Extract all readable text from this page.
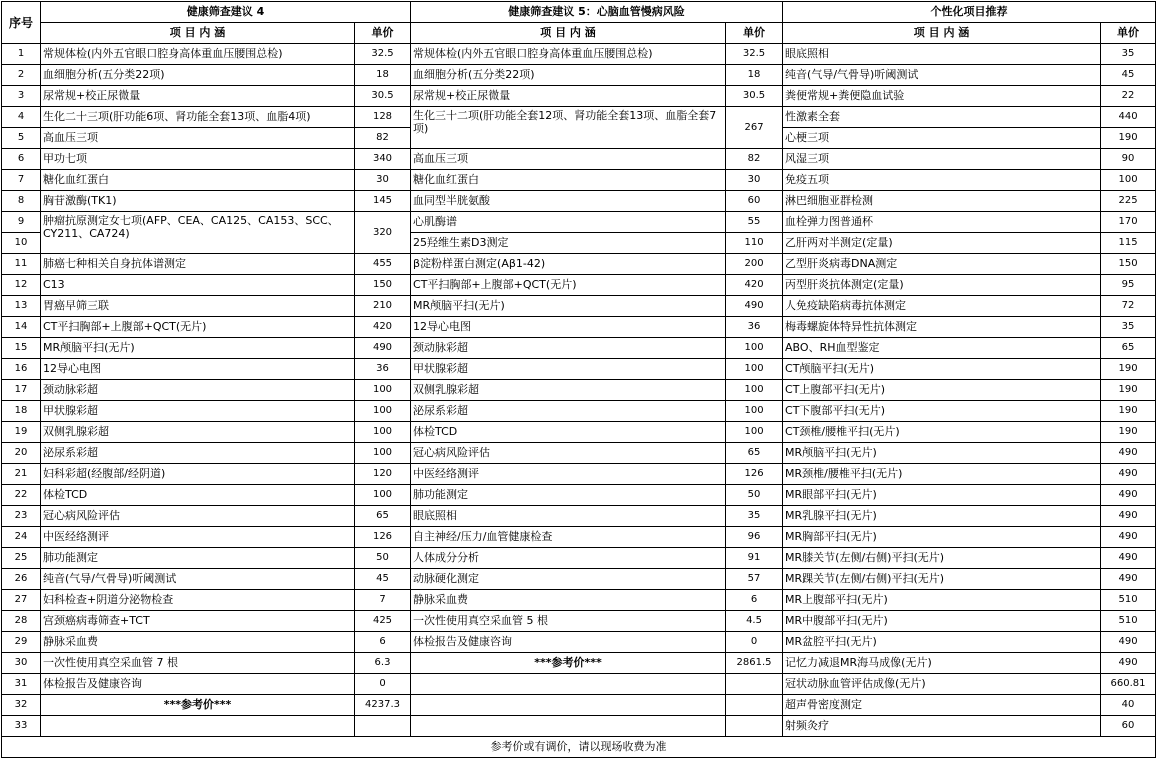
序号	健康筛查建议 4		健康筛查建议 5：心脑血管慢病风险		个性化项目推荐	
	项 目 内 涵	单价	项 目 内 涵	单价	项 目 内 涵	单价
1	常规体检(内外五官眼口腔身高体重血压腰围总检)	32.5	常规体检(内外五官眼口腔身高体重血压腰围总检)	32.5	眼底照相	35
2	血细胞分析(五分类22项)	18	血细胞分析(五分类22项)	18	纯音(气导/气骨导)听阈测试	45
3	尿常规+校正尿微量	30.5	尿常规+校正尿微量	30.5	粪便常规+粪便隐血试验	22
4	生化二十三项(肝功能6项、肾功能全套13项、血脂4项)	128	生化三十二项(肝功能全套12项、肾功能全套13项、血脂全套7项)	267	性激素全套	440
5	高血压三项	82			心梗三项	190
6	甲功七项	340	高血压三项	82	风湿三项	90
7	糖化血红蛋白	30	糖化血红蛋白	30	免疫五项	100
8	胸苷激酶(TK1)	145	血同型半胱氨酸	60	淋巴细胞亚群检测	225
9	肿瘤抗原测定女七项(AFP、CEA、CA125、CA153、SCC、CY211、CA724)	320	心肌酶谱	55	血栓弹力图普通杯	170
10			25羟维生素D3测定	110	乙肝两对半测定(定量)	115
11	肺癌七种相关自身抗体谱测定	455	β淀粉样蛋白测定(Aβ1-42)	200	乙型肝炎病毒DNA测定	150
12	C13	150	CT平扫胸部+上腹部+QCT(无片)	420	丙型肝炎抗体测定(定量)	95
13	胃癌早筛三联	210	MR颅脑平扫(无片)	490	人免疫缺陷病毒抗体测定	72
14	CT平扫胸部+上腹部+QCT(无片)	420	12导心电图	36	梅毒螺旋体特异性抗体测定	35
15	MR颅脑平扫(无片)	490	颈动脉彩超	100	ABO、RH血型鉴定	65
16	12导心电图	36	甲状腺彩超	100	CT颅脑平扫(无片)	190
17	颈动脉彩超	100	双侧乳腺彩超	100	CT上腹部平扫(无片)	190
18	甲状腺彩超	100	泌尿系彩超	100	CT下腹部平扫(无片)	190
19	双侧乳腺彩超	100	体检TCD	100	CT颈椎/腰椎平扫(无片)	190
20	泌尿系彩超	100	冠心病风险评估	65	MR颅脑平扫(无片)	490
21	妇科彩超(经腹部/经阴道)	120	中医经络测评	126	MR颈椎/腰椎平扫(无片)	490
22	体检TCD	100	肺功能测定	50	MR眼部平扫(无片)	490
23	冠心病风险评估	65	眼底照相	35	MR乳腺平扫(无片)	490
24	中医经络测评	126	自主神经/压力/血管健康检查	96	MR胸部平扫(无片)	490
25	肺功能测定	50	人体成分分析	91	MR膝关节(左侧/右侧)平扫(无片)	490
26	纯音(气导/气骨导)听阈测试	45	动脉硬化测定	57	MR踝关节(左侧/右侧)平扫(无片)	490
27	妇科检查+阴道分泌物检查	7	静脉采血费	6	MR上腹部平扫(无片)	510
28	宫颈癌病毒筛查+TCT	425	一次性使用真空采血管 5 根	4.5	MR中腹部平扫(无片)	510
29	静脉采血费	6	体检报告及健康咨询	0	MR盆腔平扫(无片)	490
30	一次性使用真空采血管 7 根	6.3	***参考价***	2861.5	记忆力减退MR海马成像(无片)	490
31	体检报告及健康咨询	0			冠状动脉血管评估成像(无片)	660.81
32	***参考价***	4237.3			超声骨密度测定	40
33					射频灸疗	60
参考价或有调价，请以现场收费为准						
